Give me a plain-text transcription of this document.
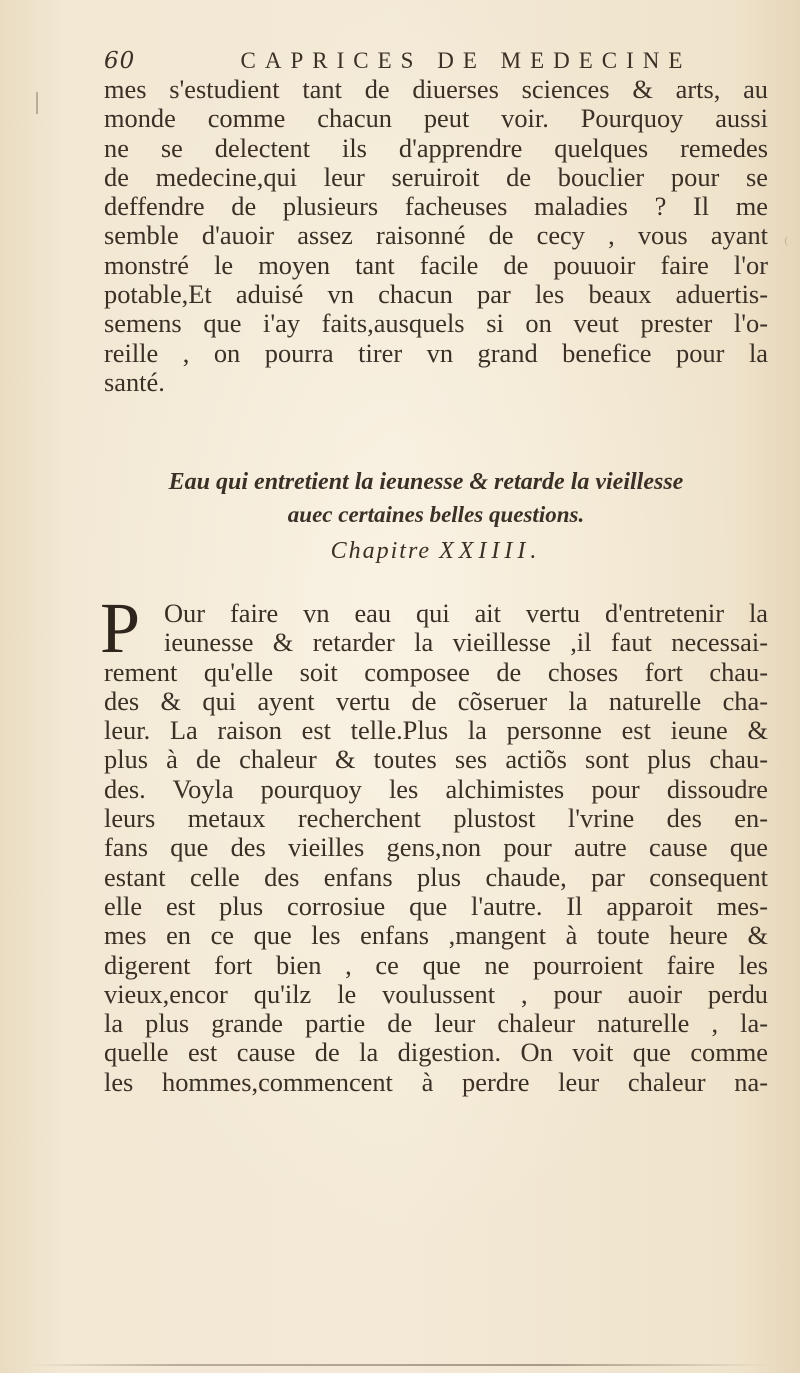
60	CAPRICES DE MEDECINE
mes s'estudient tant de diuerses sciences & arts, au
monde comme chacun peut voir. Pourquoy aussi
ne se delectent ils d'apprendre quelques remedes
de medecine,qui leur seruiroit de bouclier pour se
deffendre de plusieurs facheuses maladies ? Il me
semble d'auoir assez raisonné de cecy , vous ayant
monstré le moyen tant facile de pouuoir faire l'or
potable,Et aduisé vn chacun par les beaux aduertis-
semens que i'ay faits,ausquels si on veut prester l'o-
reille , on pourra tirer vn grand benefice pour la
santé.
Eau qui entretient la ieunesse & retarde la vieillesse
auec certaines belles questions.
Chapitre XXIIII.
P Our faire vn eau qui ait vertu d'entretenir la
ieunesse & retarder la vieillesse ,il faut necessai-
rement qu'elle soit composee de choses fort chau-
des & qui ayent vertu de cõseruer la naturelle cha-
leur. La raison est telle.Plus la personne est ieune &
plus à de chaleur & toutes ses actiõs sont plus chau-
des. Voyla pourquoy les alchimistes pour dissoudre
leurs metaux recherchent plustost l'vrine des en-
fans que des vieilles gens,non pour autre cause que
estant celle des enfans plus chaude, par consequent
elle est plus corrosiue que l'autre. Il apparoit mes-
mes en ce que les enfans ,mangent à toute heure &
digerent fort bien , ce que ne pourroient faire les
vieux,encor qu'ilz le voulussent , pour auoir perdu
la plus grande partie de leur chaleur naturelle , la-
quelle est cause de la digestion. On voit que comme
les hommes,commencent à perdre leur chaleur na-
